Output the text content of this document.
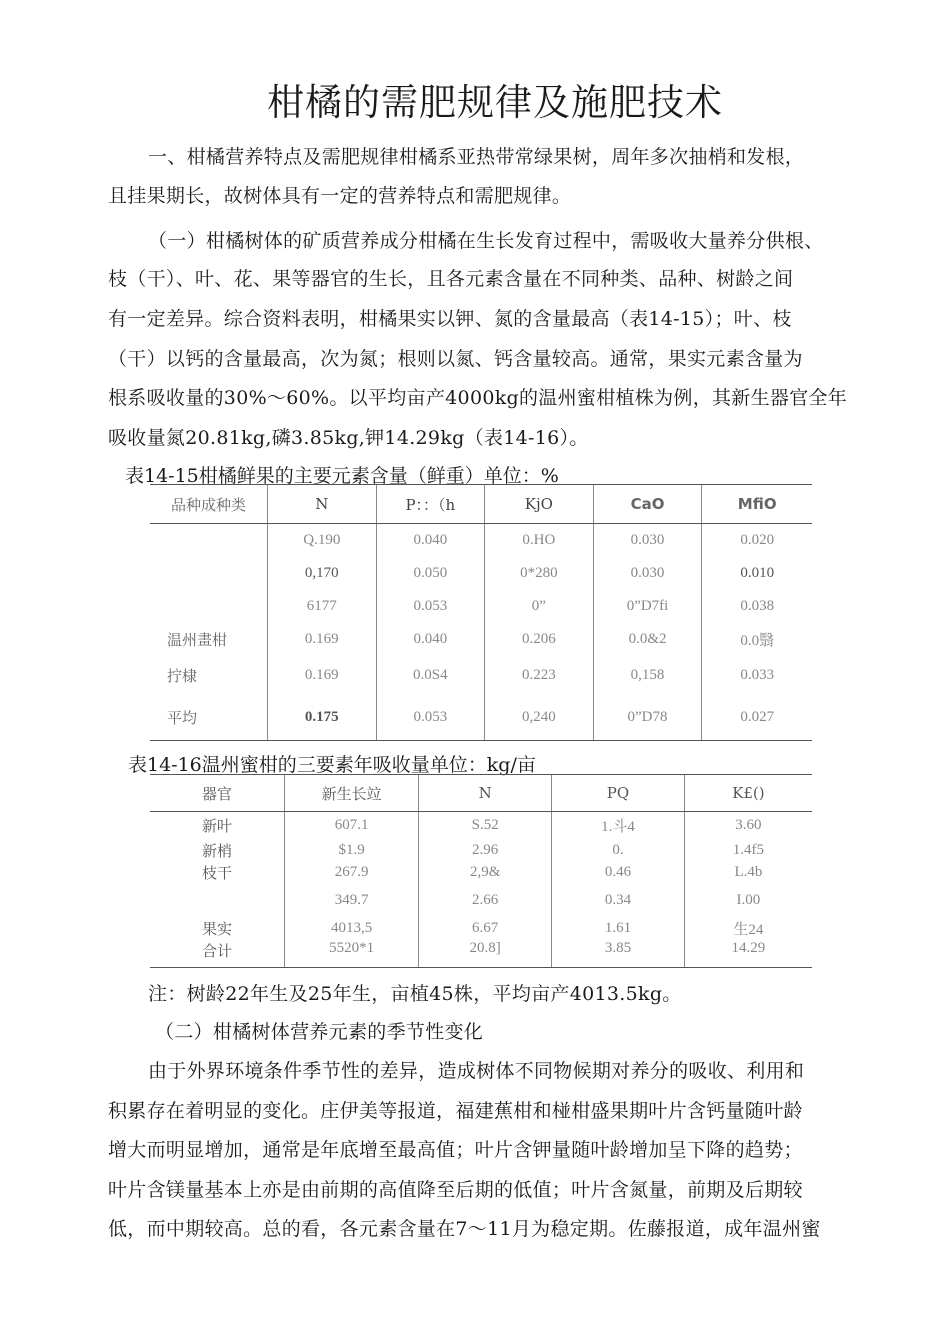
柑橘的需肥规律及施肥技术
一、柑橘营养特点及需肥规律柑橘系亚热带常绿果树，周年多次抽梢和发根，
且挂果期长，故树体具有一定的营养特点和需肥规律。
（一）柑橘树体的矿质营养成分柑橘在生长发育过程中，需吸收大量养分供根、
枝（干）、叶、花、果等器官的生长，且各元素含量在不同种类、品种、树龄之间
有一定差异。综合资料表明，柑橘果实以钾、氮的含量最高（表14-15）；叶、枝
（干）以钙的含量最高，次为氮；根则以氮、钙含量较高。通常，果实元素含量为
根系吸收量的30%〜60%。以平均亩产4000kg的温州蜜柑植株为例，其新生器官全年
吸收量氮20.81kg,磷3.85kg,钾14.29kg（表14-16）。
表14-15柑橘鲜果的主要元素含量（鲜重）单位：%
品种成种类	N	P：：（h	KjO	CaO	MfiO
	Q.190	0.040	0.HO	0.030	0.020
	0,170	0.050	0*280	0.030	0.010
	6177	0.053	0”	0”D7fi	0.038
温州畫柑	0.169	0.040	0.206	0.0&2	0.0翳
拧棣	0.169	0.0S4	0.223	0,158	0.033
平均	0.175	0.053	0,240	0”D78	0.027
表14-16温州蜜柑的三要素年吸收量单位：kg/亩
器官	新生长竝	N	PQ	K£()
新叶	607.1	S.52	1.斗4	3.60
新梢	$1.9	2.96	0.	1.4f5
枝干	267.9	2,9&	0.46	L.4b
	349.7	2.66	0.34	I.00
果实	4013,5	6.67	1.61	生24
合计	5520*1	20.8]	3.85	14.29
注：树龄22年生及25年生，亩植45株，平均亩产4013.5kg。
（二）柑橘树体营养元素的季节性变化
由于外界环境条件季节性的差异，造成树体不同物候期对养分的吸收、利用和
积累存在着明显的变化。庄伊美等报道，福建蕉柑和椪柑盛果期叶片含钙量随叶龄
增大而明显增加，通常是年底增至最高值；叶片含钾量随叶龄增加呈下降的趋势；
叶片含镁量基本上亦是由前期的高值降至后期的低值；叶片含氮量，前期及后期较
低，而中期较高。总的看，各元素含量在7〜11月为稳定期。佐藤报道，成年温州蜜
